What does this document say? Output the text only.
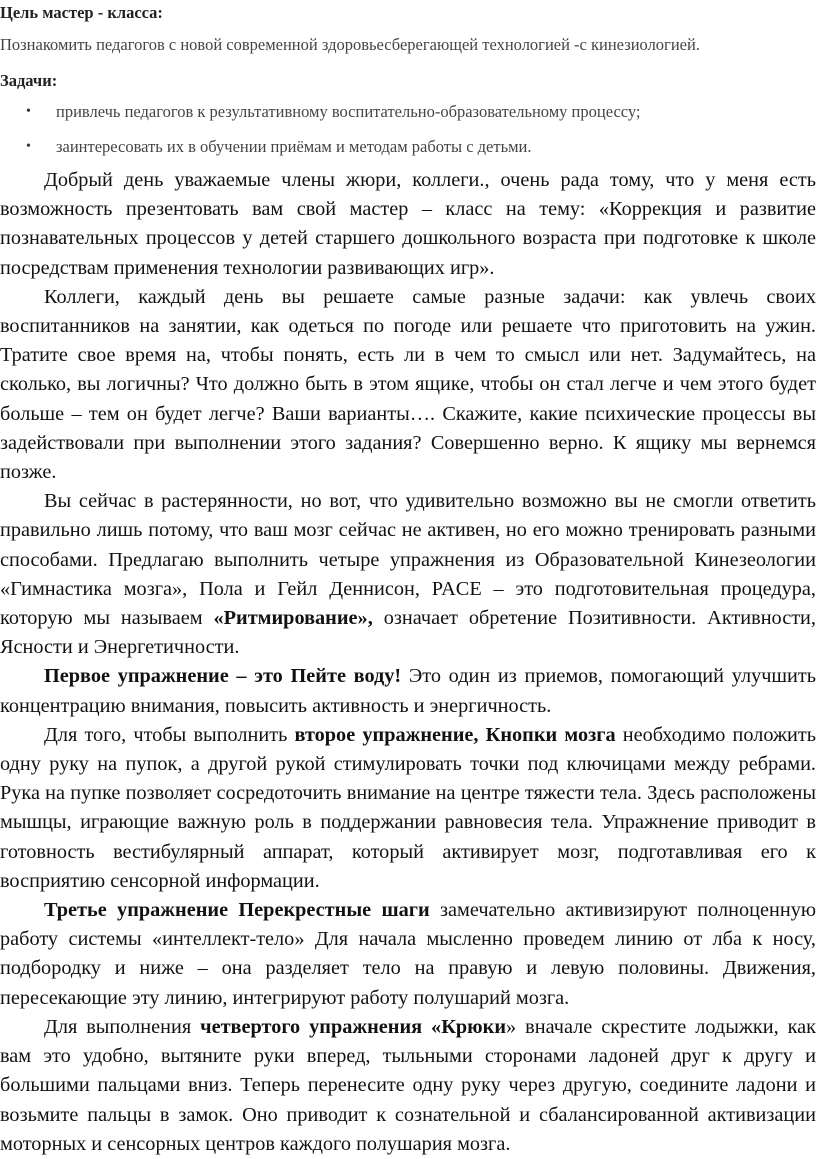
Цель мастер - класса:
Познакомить педагогов с новой современной здоровьесберегающей технологией -с кинезиологией.
Задачи:
• привлечь педагогов к результативному воспитательно-образовательному процессу;
• заинтересовать их в обучении приёмам и методам работы с детьми.

Добрый день уважаемые члены жюри, коллеги., очень рада тому, что у меня есть возможность презентовать вам свой мастер – класс на тему: «Коррекция и развитие познавательных процессов у детей старшего дошкольного возраста при подготовке к школе посредствам применения технологии развивающих игр».

Коллеги, каждый день вы решаете самые разные задачи: как увлечь своих воспитанников на занятии, как одеться по погоде или решаете что приготовить на ужин. Тратите свое время на, чтобы понять, есть ли в чем то смысл или нет. Задумайтесь, на сколько, вы логичны? Что должно быть в этом ящике, чтобы он стал легче и чем этого будет больше – тем он будет легче? Ваши варианты…. Скажите, какие психические процессы вы задействовали при выполнении этого задания? Совершенно верно. К ящику мы вернемся позже.

Вы сейчас в растерянности, но вот, что удивительно возможно вы не смогли ответить правильно лишь потому, что ваш мозг сейчас не активен, но его можно тренировать разными способами. Предлагаю выполнить четыре упражнения из Образовательной Кинезеологии «Гимнастика мозга», Пола и Гейл Деннисон, PACE – это подготовительная процедура, которую мы называем «Ритмирование», означает обретение Позитивности. Активности, Ясности и Энергетичности.

Первое упражнение – это Пейте воду! Это один из приемов, помогающий улучшить концентрацию внимания, повысить активность и энергичность.

Для того, чтобы выполнить второе упражнение, Кнопки мозга необходимо положить одну руку на пупок, а другой рукой стимулировать точки под ключицами между ребрами. Рука на пупке позволяет сосредоточить внимание на центре тяжести тела. Здесь расположены мышцы, играющие важную роль в поддержании равновесия тела. Упражнение приводит в готовность вестибулярный аппарат, который активирует мозг, подготавливая его к восприятию сенсорной информации.

Третье упражнение Перекрестные шаги замечательно активизируют полноценную работу системы «интеллект-тело» Для начала мысленно проведем линию от лба к носу, подбородку и ниже – она разделяет тело на правую и левую половины. Движения, пересекающие эту линию, интегрируют работу полушарий мозга.

Для выполнения четвертого упражнения «Крюки» вначале скрестите лодыжки, как вам это удобно, вытяните руки вперед, тыльными сторонами ладоней друг к другу и большими пальцами вниз. Теперь перенесите одну руку через другую, соедините ладони и возьмите пальцы в замок. Оно приводит к сознательной и сбалансированной активизации моторных и сенсорных центров каждого полушария мозга.
